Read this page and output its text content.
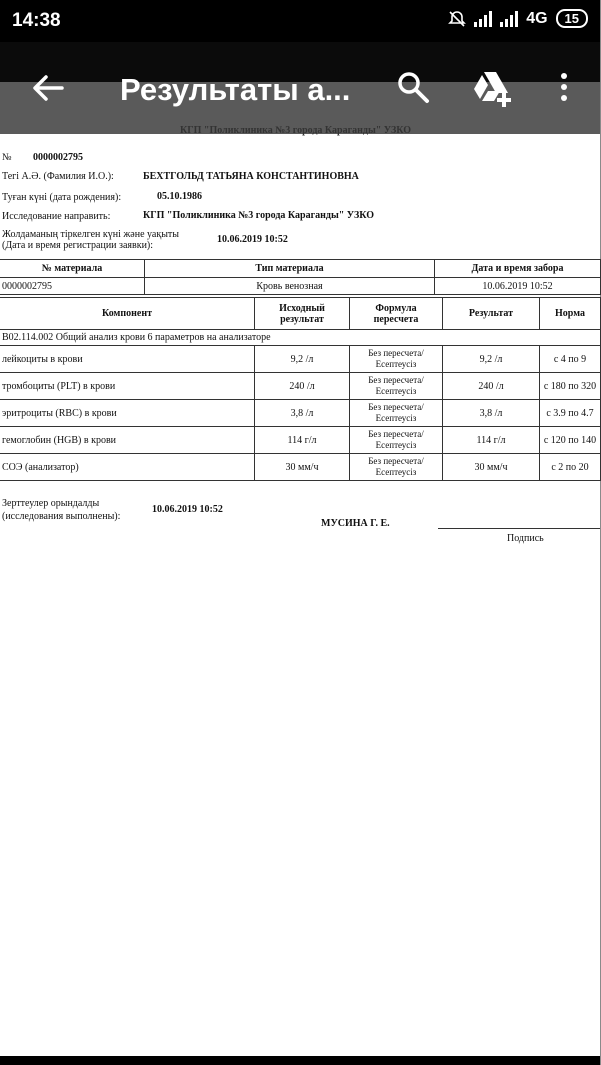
14:38	4G	15
Результаты а...
КГП "Поликлиника №3 города Караганды" УЗКО
№ 0000002795
Тегі А.Ә. (Фамилия И.О.):	БЕХТГОЛЬД ТАТЬЯНА КОНСТАНТИНОВНА
Туған күні (дата рождения):	05.10.1986
Исследование направить:	КГП "Поликлиника №3 города Караганды" УЗКО
Жолдаманың тіркелген күні және уақыты
(Дата и время регистрации заявки):
10.06.2019 10:52
№ материала	Тип материала	Дата и время забора
0000002795	Кровь венозная	10.06.2019 10:52
Компонент	Исходный результат	Формула пересчета	Результат	Норма
B02.114.002 Общий анализ крови 6 параметров на анализаторе				
лейкоциты в крови	9,2 /л	Без пересчета/ Есептеусіз	9,2 /л	с 4 по 9
тромбоциты (PLT) в крови	240 /л	Без пересчета/ Есептеусіз	240 /л	с 180 по 320
эритроциты (RBC) в крови	3,8 /л	Без пересчета/ Есептеусіз	3,8 /л	с 3.9 по 4.7
гемоглобин (HGB) в крови	114 г/л	Без пересчета/ Есептеусіз	114 г/л	с 120 по 140
СОЭ (анализатор)	30 мм/ч	Без пересчета/ Есептеусіз	30 мм/ч	с 2 по 20
Зерттеулер орындалды
(исследования выполнены):
10.06.2019 10:52
МУСИНА Г. Е.
Подпись
